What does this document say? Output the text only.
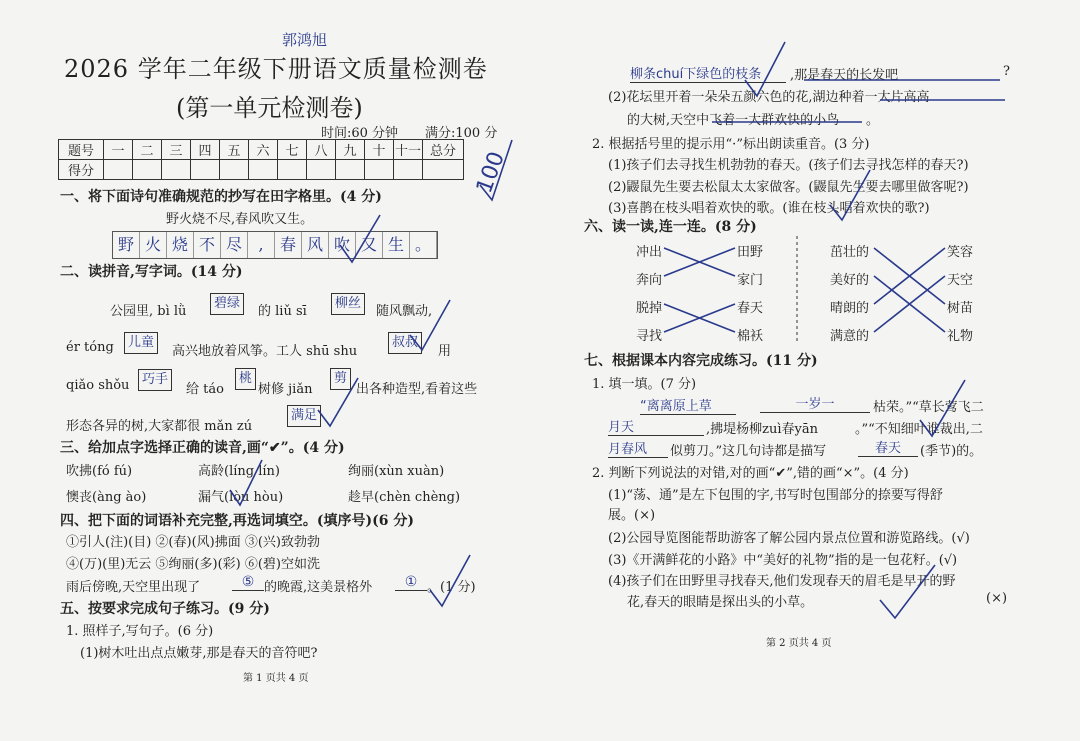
郭鸿旭
2026 学年二年级下册语文质量检测卷
(第一单元检测卷)
时间:60 分钟 满分:100 分
题号	一	二	三	四	五	六	七	八	九	十	十一	总分
得分													100
一、将下面诗句准确规范的抄写在田字格里。(4 分)
野火烧不尽,春风吹又生。
野 火 烧 不 尽	,	春 风 吹 又 生 。
二、读拼音,写字词。(14 分)
公园里, bì lǜ
碧绿
的 liǔ sī
柳丝
随风飘动,
ér tóng	儿童
高兴地放着风筝。工人 shū shu
叔叔
用
qiǎo shǒu 巧手
给 táo
桃
树修 jiǎn
剪
出各种造型,看着这些
形态各异的树,大家都很 mǎn zú
满足
三、给加点字选择正确的读音,画“✔”。(4 分)
吹拂(fó fú)	高龄(líng lín)	绚丽(xùn xuàn)
懊丧(àng ào)	漏气(lòu hòu)	趁早(chèn chèng)
四、把下面的词语补充完整,再选词填空。(填序号)(6 分)
①引人(注)(目) ②(春)(风)拂面 ③(兴)致勃勃
④(万)(里)无云 ⑤绚丽(多)(彩) ⑥(碧)空如洗
雨后傍晚,天空里出现了	⑤ 的晚霞,这美景格外	① 。(1 分)
五、按要求完成句子练习。(9 分)
1. 照样子,写句子。(6 分)
(1)树木吐出点点嫩芽,那是春天的音符吧?
第 1 页共 4 页
柳条chuí下绿色的枝条	,那是春天的长发吧	?
(2)花坛里开着一朵朵五颜六色的花,湖边种着一大片高高
的大树,天空中飞着一大群欢快的小鸟 。
2. 根据括号里的提示用“·”标出朗读重音。(3 分)
(1)孩子们去寻找生机勃勃的春天。(孩子们去寻找怎样的春天?)
(2)鼹鼠先生要去松鼠太太家做客。(鼹鼠先生要去哪里做客呢?)
(3)喜鹊在枝头唱着欢快的歌。(谁在枝头唱着欢快的歌?)
六、读一读,连一连。(8 分)
冲出
奔向
脱掉
寻找
田野
家门
春天
棉袄
茁壮的
美好的
晴朗的
满意的
笑容
天空
树苗
礼物
七、根据课本内容完成练习。(11 分)
1. 填一填。(7 分)
“离离原上草	一岁一	枯荣。”“草长莺飞二
月天	,拂堤杨柳zuì春yān	。”“不知细叶谁裁出,二
月春风	似剪刀。”这几句诗都是描写	春天	(季节)的。
2. 判断下列说法的对错,对的画“✔”,错的画“×”。(4 分)
(1)“荡、通”是左下包围的字,书写时包围部分的捺要写得舒
展。(×)
(2)公园导览图能帮助游客了解公园内景点位置和游览路线。(√)
(3)《开满鲜花的小路》中“美好的礼物”指的是一包花籽。(√)
(4)孩子们在田野里寻找春天,他们发现春天的眉毛是早开的野
花,春天的眼睛是探出头的小草。	(×)
第 2 页共 4 页
